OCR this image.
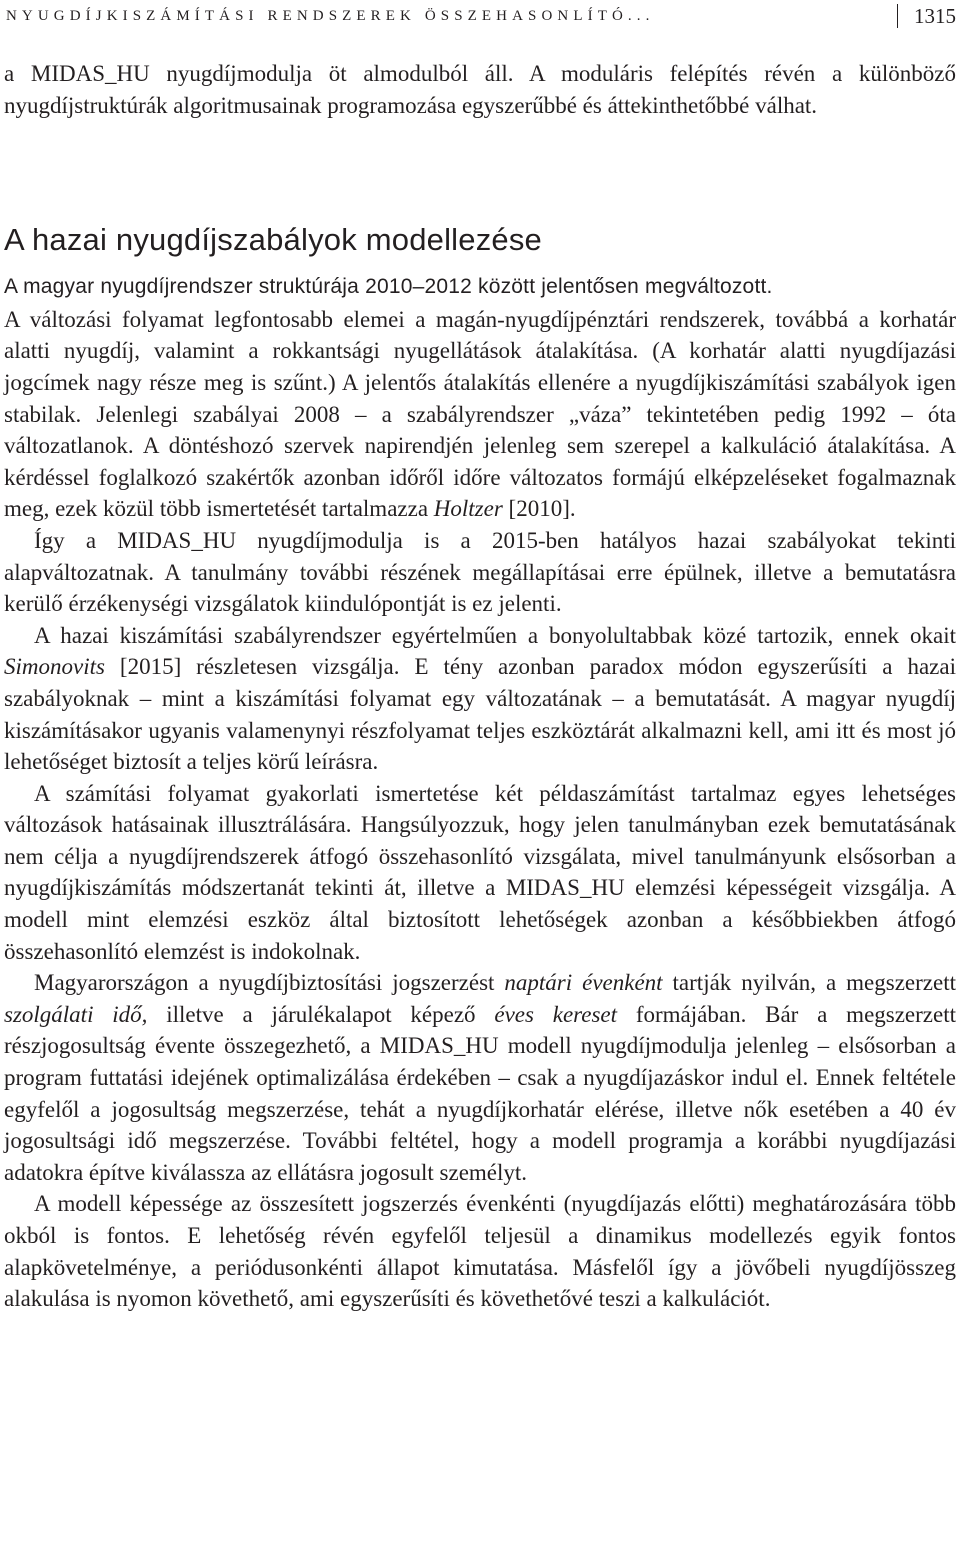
NYUGDÍJKISZÁMÍTÁSI RENDSZEREK ÖSSZEHASONLÍTÓ...	1315

a MIDAS_HU nyugdíjmodulja öt almodulból áll. A moduláris felépítés révén a különböző nyugdíjstruktúrák algoritmusainak programozása egyszerűbbé és áttekinthetőbbé válhat.

A hazai nyugdíjszabályok modellezése

A magyar nyugdíjrendszer struktúrája 2010–2012 között jelentősen megváltozott.

A változási folyamat legfontosabb elemei a magán-nyugdíjpénztári rendszerek, továbbá a korhatár alatti nyugdíj, valamint a rokkantsági nyugellátások átalakítása. (A korhatár alatti nyugdíjazási jogcímek nagy része meg is szűnt.) A jelentős átalakítás ellenére a nyugdíjkiszámítási szabályok igen stabilak. Jelenlegi szabályai 2008 – a szabályrendszer „váza” tekintetében pedig 1992 – óta változatlanok. A döntéshozó szervek napirendjén jelenleg sem szerepel a kalkuláció átalakítása. A kérdéssel foglalkozó szakértők azonban időről időre változatos formájú elképzeléseket fogalmaznak meg, ezek közül több ismertetését tartalmazza Holtzer [2010].

Így a MIDAS_HU nyugdíjmodulja is a 2015-ben hatályos hazai szabályokat tekinti alapváltozatnak. A tanulmány további részének megállapításai erre épülnek, illetve a bemutatásra kerülő érzékenységi vizsgálatok kiindulópontját is ez jelenti.

A hazai kiszámítási szabályrendszer egyértelműen a bonyolultabbak közé tartozik, ennek okait Simonovits [2015] részletesen vizsgálja. E tény azonban paradox módon egyszerűsíti a hazai szabályoknak – mint a kiszámítási folyamat egy változatának – a bemutatását. A magyar nyugdíj kiszámításakor ugyanis valamenynyi részfolyamat teljes eszköztárát alkalmazni kell, ami itt és most jó lehetőséget biztosít a teljes körű leírásra.

A számítási folyamat gyakorlati ismertetése két példaszámítást tartalmaz egyes lehetséges változások hatásainak illusztrálására. Hangsúlyozzuk, hogy jelen tanulmányban ezek bemutatásának nem célja a nyugdíjrendszerek átfogó összehasonlító vizsgálata, mivel tanulmányunk elsősorban a nyugdíjkiszámítás módszertanát tekinti át, illetve a MIDAS_HU elemzési képességeit vizsgálja. A modell mint elemzési eszköz által biztosított lehetőségek azonban a későbbiekben átfogó összehasonlító elemzést is indokolnak.

Magyarországon a nyugdíjbiztosítási jogszerzést naptári évenként tartják nyilván, a megszerzett szolgálati idő, illetve a járulékalapot képező éves kereset formájában. Bár a megszerzett részjogosultság évente összegezhető, a MIDAS_HU modell nyugdíjmodulja jelenleg – elsősorban a program futtatási idejének optimalizálása érdekében – csak a nyugdíjazáskor indul el. Ennek feltétele egyfelől a jogosultság megszerzése, tehát a nyugdíjkorhatár elérése, illetve nők esetében a 40 év jogosultsági idő megszerzése. További feltétel, hogy a modell programja a korábbi nyugdíjazási adatokra építve kiválassza az ellátásra jogosult személyt.

A modell képessége az összesített jogszerzés évenkénti (nyugdíjazás előtti) meghatározására több okból is fontos. E lehetőség révén egyfelől teljesül a dinamikus modellezés egyik fontos alapkövetelménye, a periódusonkénti állapot kimutatása. Másfelől így a jövőbeli nyugdíjösszeg alakulása is nyomon követhető, ami egyszerűsíti és követhetővé teszi a kalkulációt.
